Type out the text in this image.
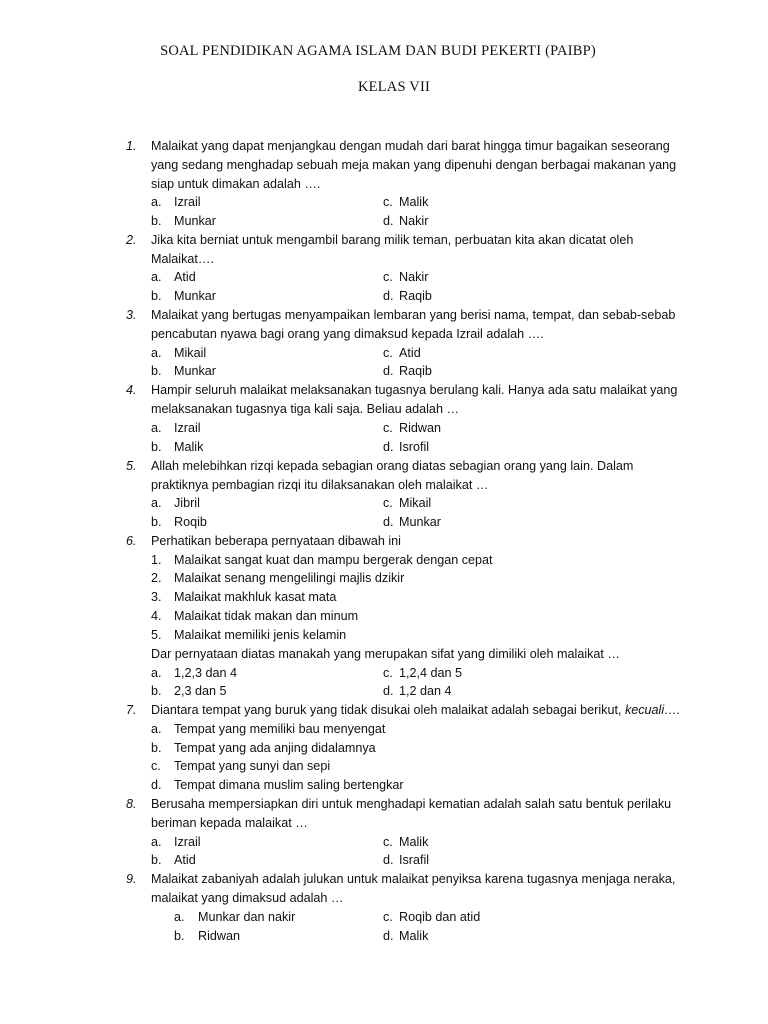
SOAL PENDIDIKAN AGAMA ISLAM DAN BUDI PEKERTI (PAIBP)
KELAS VII
1.	Malaikat yang dapat menjangkau dengan mudah dari barat hingga timur bagaikan seseorang
yang sedang menghadap sebuah meja makan yang dipenuhi dengan berbagai makanan yang
siap untuk dimakan adalah ….
a. Izrail	c. Malik
b. Munkar	d. Nakir
2.	Jika kita berniat untuk mengambil barang milik teman, perbuatan kita akan dicatat oleh
Malaikat….
a. Atid	c. Nakir
b. Munkar	d. Raqib
3.	Malaikat yang bertugas menyampaikan lembaran yang berisi nama, tempat, dan sebab-sebab
pencabutan nyawa bagi orang yang dimaksud kepada Izrail adalah ….
a. Mikail	c. Atid
b. Munkar	d. Raqib
4.	Hampir seluruh malaikat melaksanakan tugasnya berulang kali. Hanya ada satu malaikat yang
melaksanakan tugasnya tiga kali saja. Beliau adalah …
a. Izrail	c. Ridwan
b. Malik	d. Isrofil
5.	Allah melebihkan rizqi kepada sebagian orang diatas sebagian orang yang lain. Dalam
praktiknya pembagian rizqi itu dilaksanakan oleh malaikat …
a. Jibril	c. Mikail
b. Roqib	d. Munkar
6.	Perhatikan beberapa pernyataan dibawah ini
1. Malaikat sangat kuat dan mampu bergerak dengan cepat
2. Malaikat senang mengelilingi majlis dzikir
3. Malaikat makhluk kasat mata
4. Malaikat tidak makan dan minum
5. Malaikat memiliki jenis kelamin
Dar pernyataan diatas manakah yang merupakan sifat yang dimiliki oleh malaikat …
a. 1,2,3 dan 4	c. 1,2,4 dan 5
b. 2,3 dan 5	d. 1,2 dan 4
7.	Diantara tempat yang buruk yang tidak disukai oleh malaikat adalah sebagai berikut, kecuali….
a. Tempat yang memiliki bau menyengat
b. Tempat yang ada anjing didalamnya
c. Tempat yang sunyi dan sepi
d. Tempat dimana muslim saling bertengkar
8.	Berusaha mempersiapkan diri untuk menghadapi kematian adalah salah satu bentuk perilaku
beriman kepada malaikat …
a. Izrail	c. Malik
b. Atid	d. Israfil
9.	Malaikat zabaniyah adalah julukan untuk malaikat penyiksa karena tugasnya menjaga neraka,
malaikat yang dimaksud adalah …
a. Munkar dan nakir	c. Roqib dan atid
b. Ridwan	d. Malik
